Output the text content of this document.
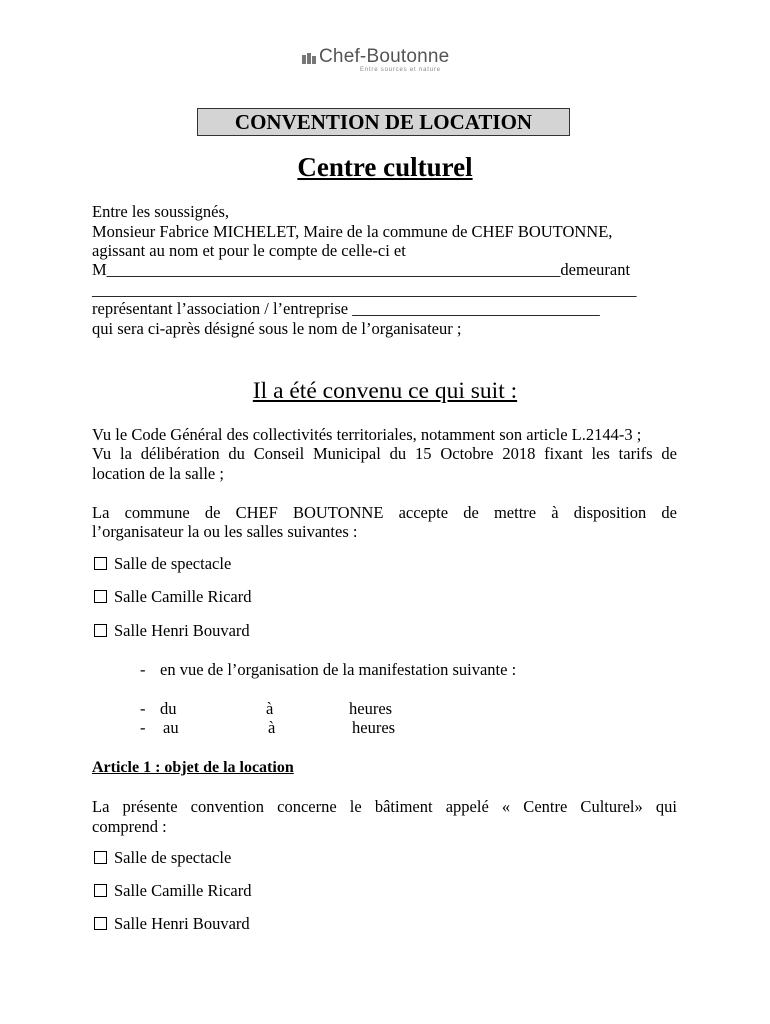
Chef-Boutonne
Entre sources et nature
CONVENTION DE LOCATION
Centre culturel
Entre les soussignés,
Monsieur Fabrice MICHELET, Maire de la commune de CHEF BOUTONNE,
agissant au nom et pour le compte de celle-ci et
M_______________________________________________________demeurant
__________________________________________________________________
représentant l’association / l’entreprise ______________________________
qui sera ci-après désigné sous le nom de l’organisateur ;
Il a été convenu ce qui suit :
Vu le Code Général des collectivités territoriales, notamment son article L.2144-3 ;
Vu la délibération du Conseil Municipal du 15 Octobre 2018 fixant les tarifs de
location de la salle ;
La commune de CHEF BOUTONNE accepte de mettre à disposition de
l’organisateur la ou les salles suivantes :
Salle de spectacle
Salle Camille Ricard
Salle Henri Bouvard
- en vue de l’organisation de la manifestation suivante :
- du	à	heures
- au	à	heures
Article 1 : objet de la location
La présente convention concerne le bâtiment appelé « Centre Culturel» qui
comprend :
Salle de spectacle
Salle Camille Ricard
Salle Henri Bouvard
